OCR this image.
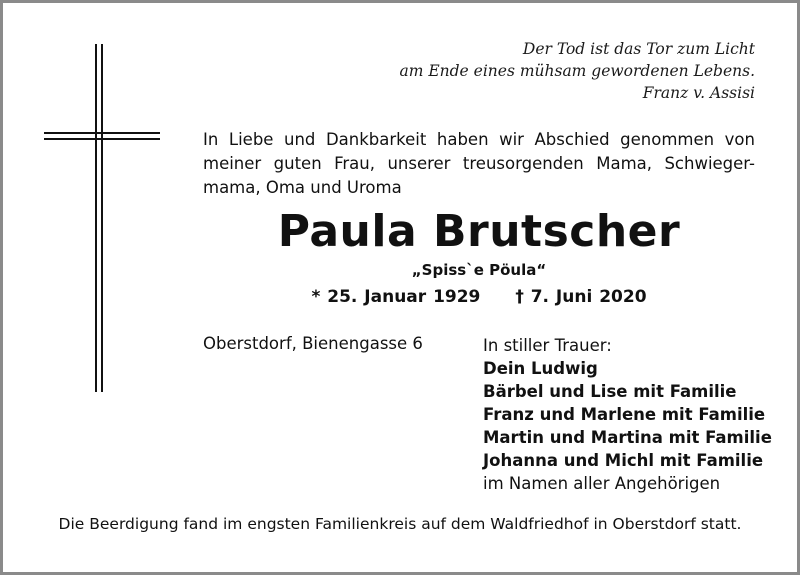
Der Tod ist das Tor zum Licht
am Ende eines mühsam gewordenen Lebens.
Franz v. Assisi
In Liebe und Dankbarkeit haben wir Abschied genommen von
meiner guten Frau, unserer treusorgenden Mama, Schwieger-
mama, Oma und Uroma
Paula Brutscher
„Spiss`e Pöula“
* 25. Januar 1929 † 7. Juni 2020
Oberstdorf, Bienengasse 6	In stiller Trauer:
Dein Ludwig
Bärbel und Lise mit Familie
Franz und Marlene mit Familie
Martin und Martina mit Familie
Johanna und Michl mit Familie
im Namen aller Angehörigen
Die Beerdigung fand im engsten Familienkreis auf dem Waldfriedhof in Oberstdorf statt.
